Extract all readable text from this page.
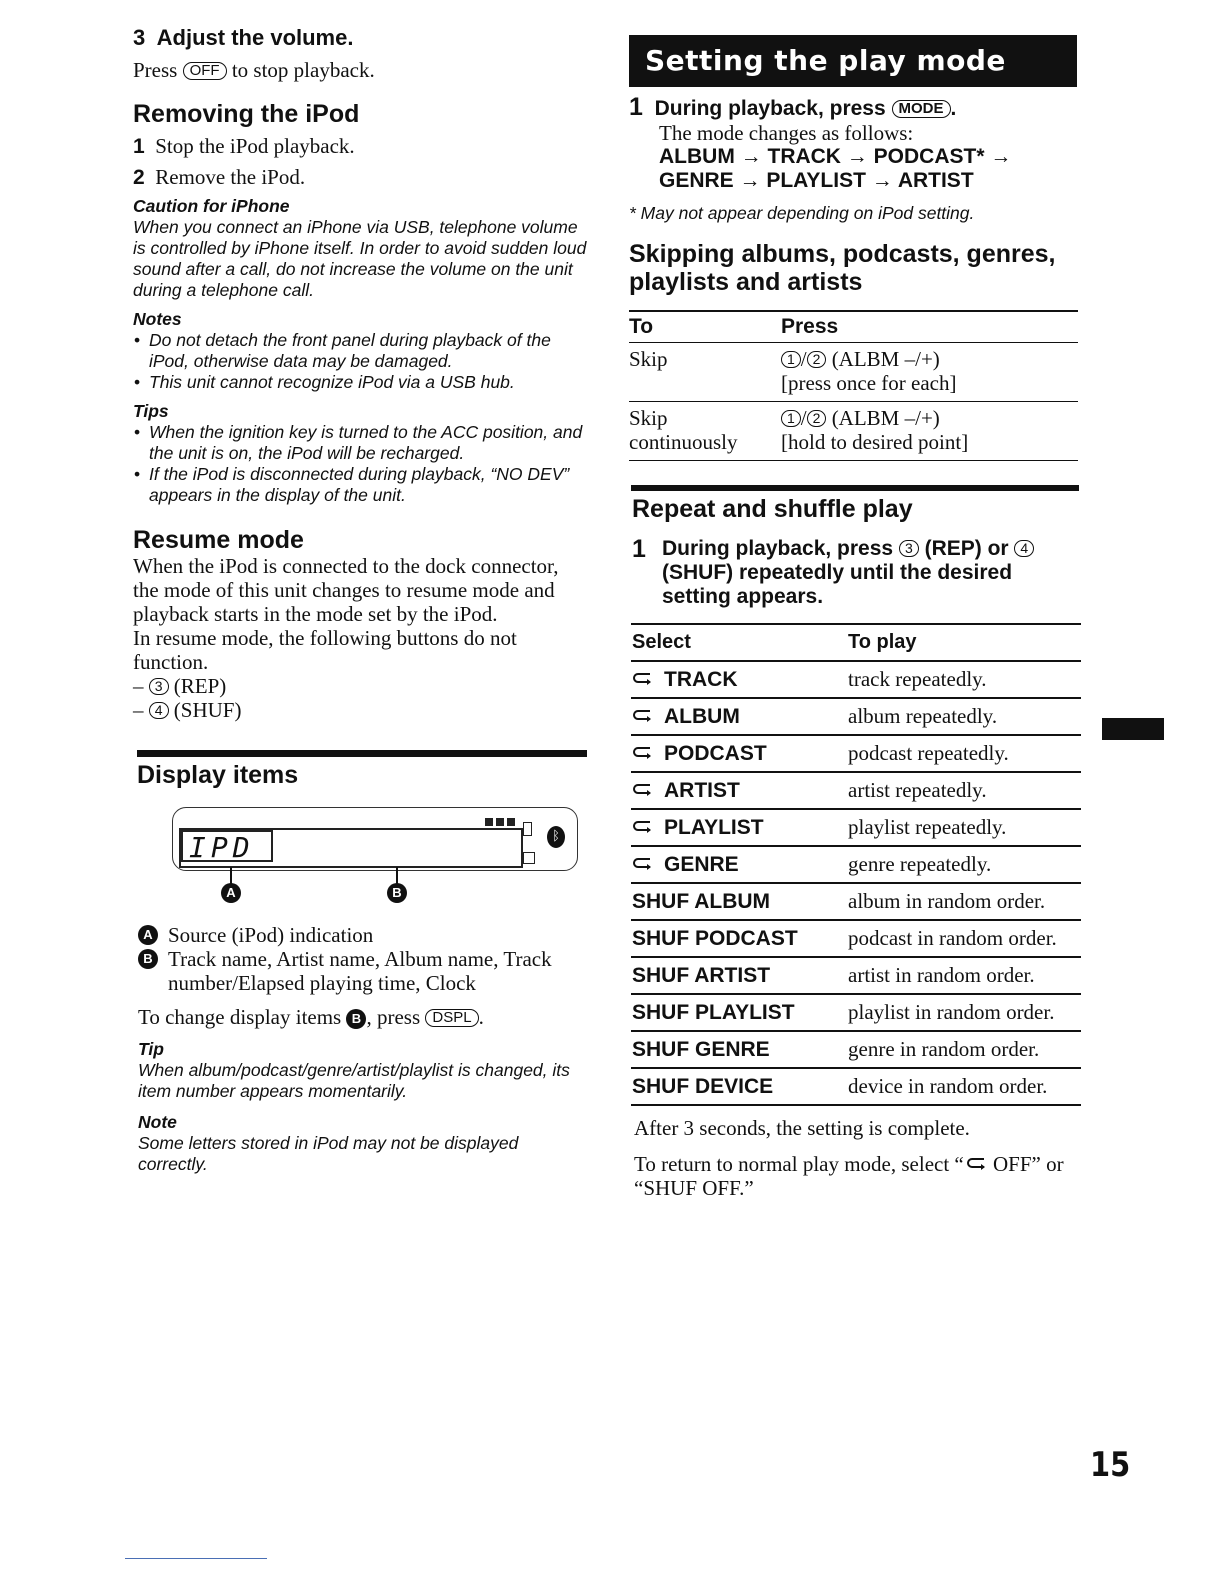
3 Adjust the volume.
Press OFF to stop playback.
Removing the iPod
1 Stop the iPod playback.
2 Remove the iPod.
Caution for iPhone
When you connect an iPhone via USB, telephone volume is controlled by iPhone itself. In order to avoid sudden loud sound after a call, do not increase the volume on the unit during a telephone call.
Notes
• Do not detach the front panel during playback of the iPod, otherwise data may be damaged.
• This unit cannot recognize iPod via a USB hub.
Tips
• When the ignition key is turned to the ACC position, and the unit is on, the iPod will be recharged.
• If the iPod is disconnected during playback, “NO DEV” appears in the display of the unit.
Resume mode
When the iPod is connected to the dock connector, the mode of this unit changes to resume mode and playback starts in the mode set by the iPod.
In resume mode, the following buttons do not function.
– 3 (REP)
– 4 (SHUF)
Display items
IPD	ᛒ
A	B
A Source (iPod) indication
B Track name, Artist name, Album name, Track number/Elapsed playing time, Clock
To change display items B , press DSPL .
Tip
When album/podcast/genre/artist/playlist is changed, its item number appears momentarily.
Note
Some letters stored in iPod may not be displayed correctly.
Setting the play mode
1 During playback, press MODE .
The mode changes as follows:
ALBUM → TRACK → PODCAST* →
GENRE → PLAYLIST → ARTIST
* May not appear depending on iPod setting.
Skipping albums, podcasts, genres, playlists and artists
To	Press
Skip	1 / 2 (ALBM –/+)
[press once for each]
Skip continuously	1 / 2 (ALBM –/+)
[hold to desired point]
Repeat and shuffle play
1 During playback, press 3 (REP) or 4 (SHUF) repeatedly until the desired setting appears.
Select	To play
TRACK	track repeatedly.
ALBUM	album repeatedly.
PODCAST	podcast repeatedly.
ARTIST	artist repeatedly.
PLAYLIST	playlist repeatedly.
GENRE	genre repeatedly.
SHUF ALBUM	album in random order.
SHUF PODCAST	podcast in random order.
SHUF ARTIST	artist in random order.
SHUF PLAYLIST	playlist in random order.
SHUF GENRE	genre in random order.
SHUF DEVICE	device in random order.
After 3 seconds, the setting is complete.
To return to normal play mode, select “ OFF” or “SHUF OFF.”
15
